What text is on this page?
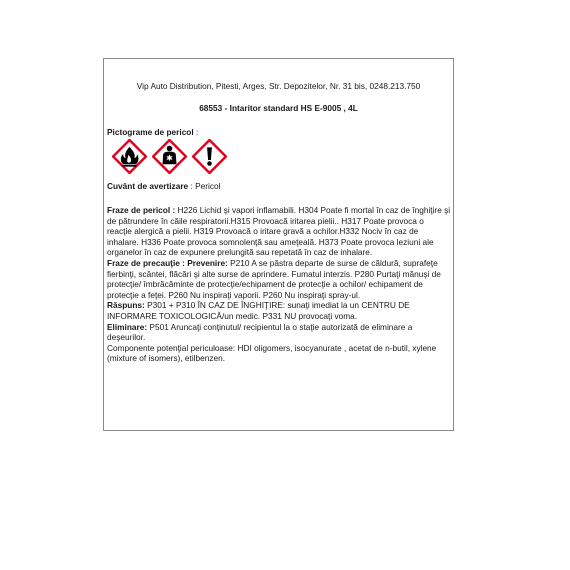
Vip Auto Distribution, Pitesti, Arges, Str. Depozitelor, Nr. 31 bis, 0248.213.750
68553 - Intaritor standard HS E-9005 , 4L
Pictograme de pericol :
Cuvânt de avertizare : Pericol

Fraze de pericol : H226 Lichid şi vapori inflamabili. H304 Poate fi mortal în caz de înghiţire şi de pătrundere în căile respiratorii.H315 Provoacă iritarea pielii.. H317 Poate provoca o reacţie alergică a pielii. H319 Provoacă o iritare gravă a ochilor.H332 Nociv în caz de inhalare. H336 Poate provoca somnolenţă sau ameţeală. H373 Poate provoca leziuni ale organelor în caz de expunere prelungită sau repetată în caz de inhalare.

Fraze de precauţie : Prevenire: P210 A se păstra departe de surse de căldură, suprafeţe fierbinţi, scântei, flăcări şi alte surse de aprindere. Fumatul interzis. P280 Purtaţi mănuşi de protecţie/ îmbrăcăminte de protecţie/echipament de protecţie a ochilor/ echipament de protecţie a feţei. P260 Nu inspiraţi vaporii. P260 Nu inspiraţi spray-ul.

Răspuns: P301 + P310 ÎN CAZ DE ÎNGHIŢIRE: sunaţi imediat la un CENTRU DE INFORMARE TOXICOLOGICĂ/un medic. P331 NU provocaţi voma.

Eliminare: P501 Aruncaţi conţinutul/ recipientul la o staţie autorizată de eliminare a deşeurilor.

Componente potenţial periculoase: HDI oligomers, isocyanurate , acetat de n-butil, xylene (mixture of isomers), etilbenzen.
